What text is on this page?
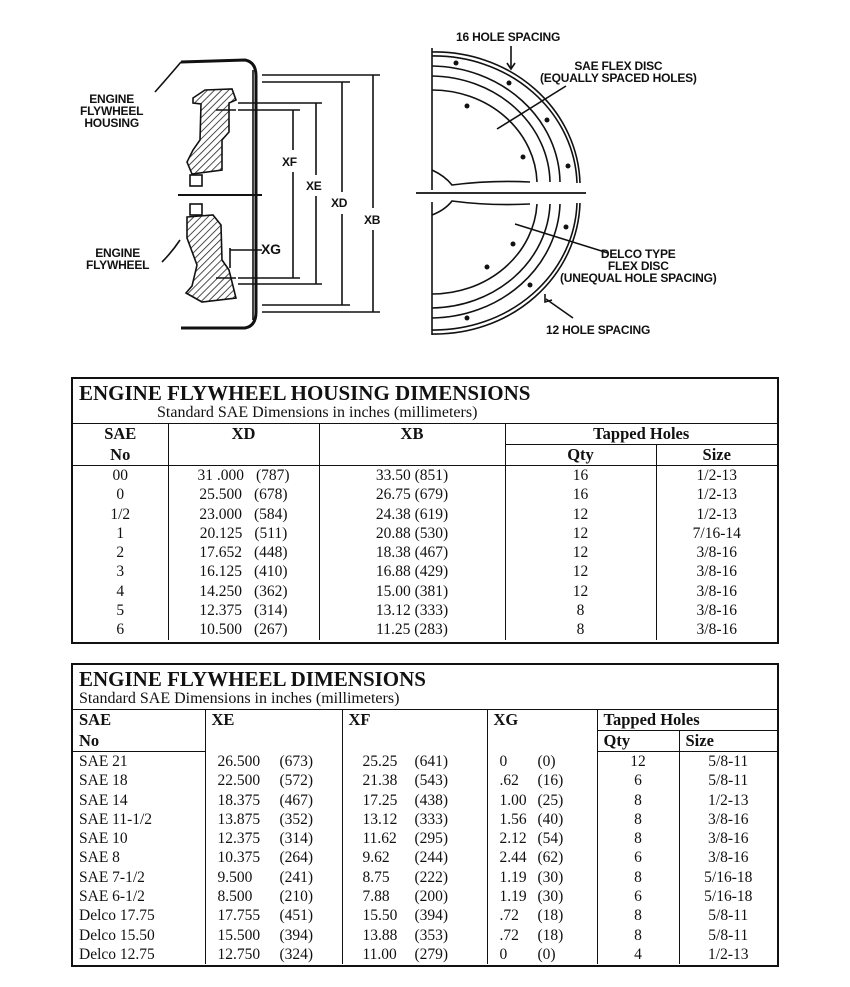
ENGINE
FLYWHEEL
HOUSING
ENGINE
FLYWHEEL
XF
XE
XD
XB
XG
16 HOLE SPACING
SAE FLEX DISC
(EQUALLY SPACED HOLES)
DELCO TYPE
FLEX DISC
(UNEQUAL HOLE SPACING)
12 HOLE SPACING
ENGINE FLYWHEEL HOUSING DIMENSIONS
Standard SAE Dimensions in inches (millimeters)
SAE	XD	XB	Tapped Holes	
No			Qty	Size
00	31 .000 (787)	33.50 (851)	16	1/2-13
0	25.500 (678)	26.75 (679)	16	1/2-13
1/2	23.000 (584)	24.38 (619)	12	1/2-13
1	20.125 (511)	20.88 (530)	12	7/16-14
2	17.652 (448)	18.38 (467)	12	3/8-16
3	16.125 (410)	16.88 (429)	12	3/8-16
4	14.250 (362)	15.00 (381)	12	3/8-16
5	12.375 (314)	13.12 (333)	8	3/8-16
6	10.500 (267)	11.25 (283)	8	3/8-16
ENGINE FLYWHEEL DIMENSIONS
Standard SAE Dimensions in inches (millimeters)
SAE	XE	XF	XG	Tapped Holes	
No				Qty	Size
SAE 21	26.500 (673)	25.25 (641)	0 (0)	12	5/8-11
SAE 18	22.500 (572)	21.38 (543)	.62 (16)	6	5/8-11
SAE 14	18.375 (467)	17.25 (438)	1.00 (25)	8	1/2-13
SAE 11-1/2	13.875 (352)	13.12 (333)	1.56 (40)	8	3/8-16
SAE 10	12.375 (314)	11.62 (295)	2.12 (54)	8	3/8-16
SAE 8	10.375 (264)	9.62 (244)	2.44 (62)	6	3/8-16
SAE 7-1/2	9.500 (241)	8.75 (222)	1.19 (30)	8	5/16-18
SAE 6-1/2	8.500 (210)	7.88 (200)	1.19 (30)	6	5/16-18
Delco 17.75	17.755 (451)	15.50 (394)	.72 (18)	8	5/8-11
Delco 15.50	15.500 (394)	13.88 (353)	.72 (18)	8	5/8-11
Delco 12.75	12.750 (324)	11.00 (279)	0 (0)	4	1/2-13
